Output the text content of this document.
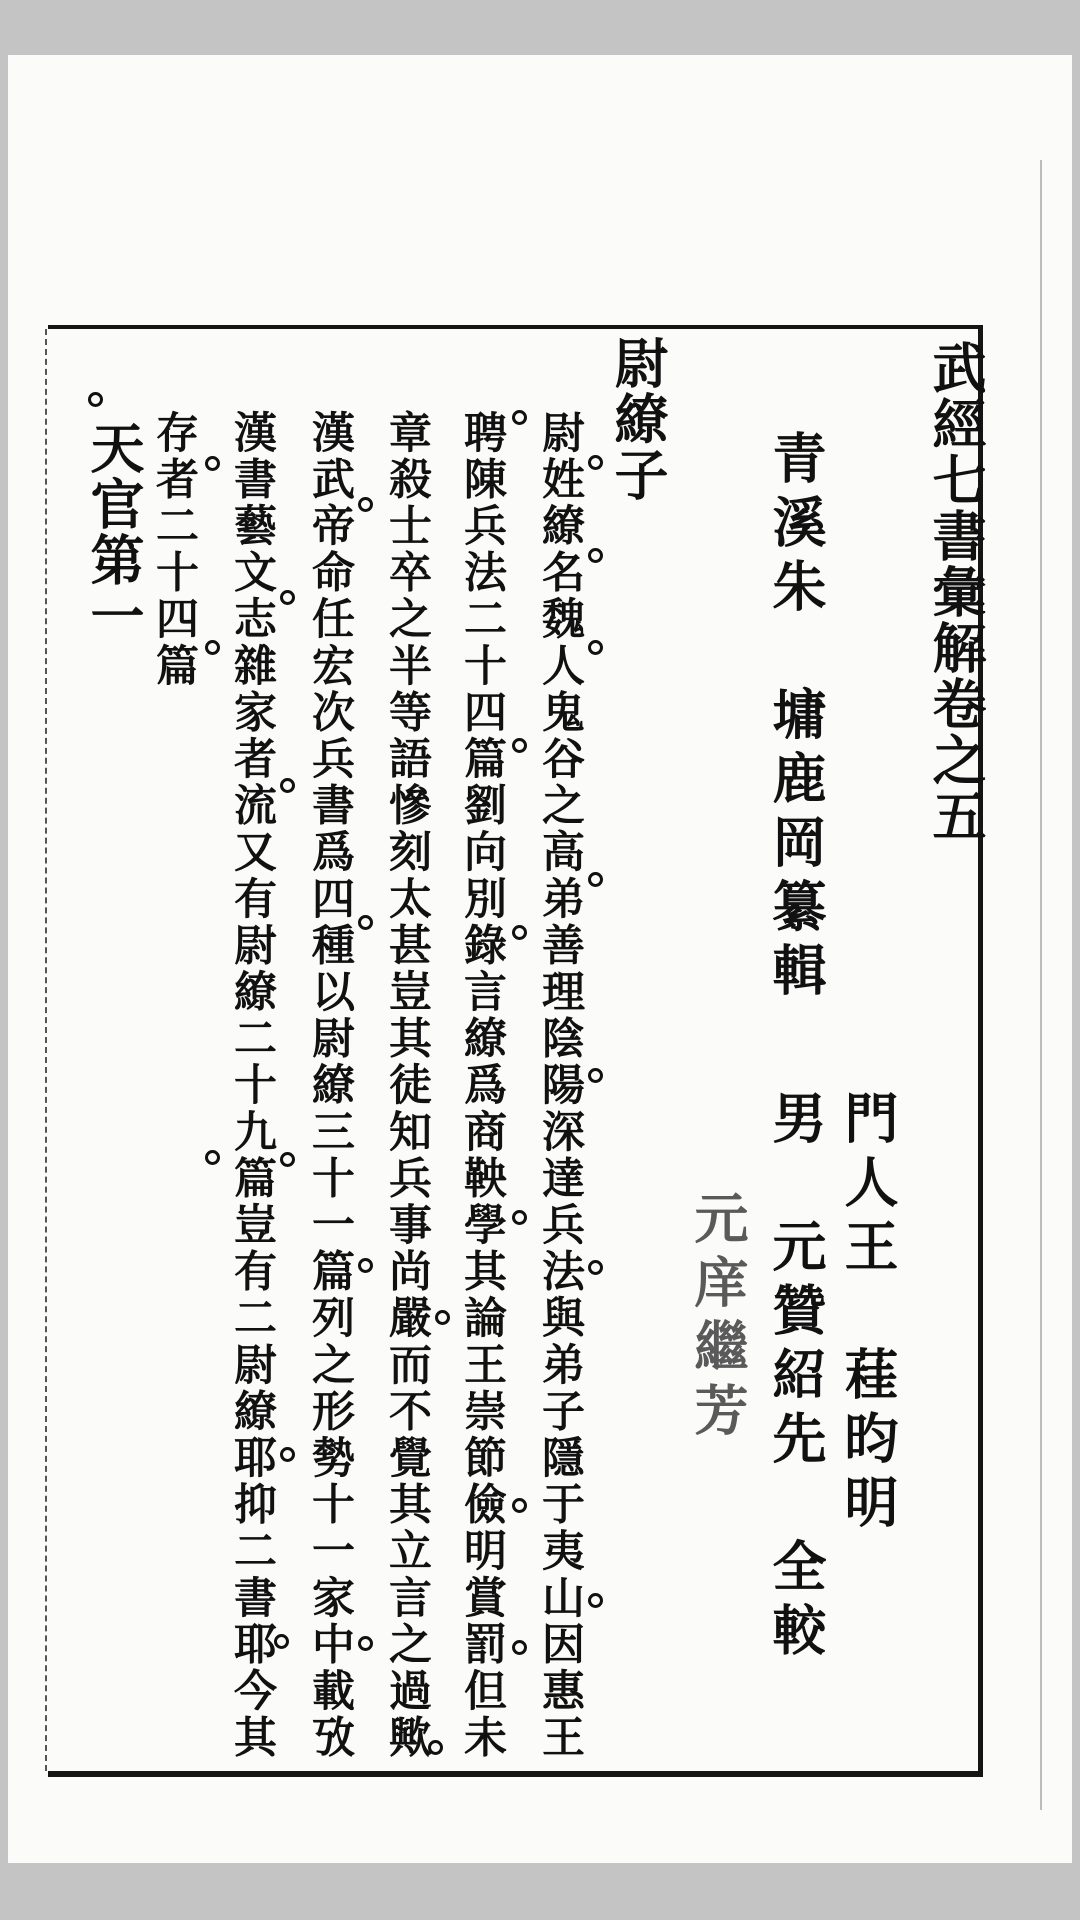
武經七書彙解卷之五
青溪朱　墉鹿岡纂輯
門人王　蓕昀明
男　元贊紹先　全較
元庠繼芳
尉繚子
尉姓繚名魏人鬼谷之高弟善理陰陽深達兵法與弟子隱于夷山因惠王
聘陳兵法二十四篇劉向別錄言繚爲商鞅學其論王崇節儉明賞罰但未
章殺士卒之半等語慘刻太甚豈其徒知兵事尚嚴而不覺其立言之過歟
漢武帝命任宏次兵書爲四種以尉繚三十一篇列之形勢十一家中載攷
漢書藝文志雜家者流又有尉繚二十九篇豈有二尉繚耶抑二書耶今其
存者二十四篇
天官第一
